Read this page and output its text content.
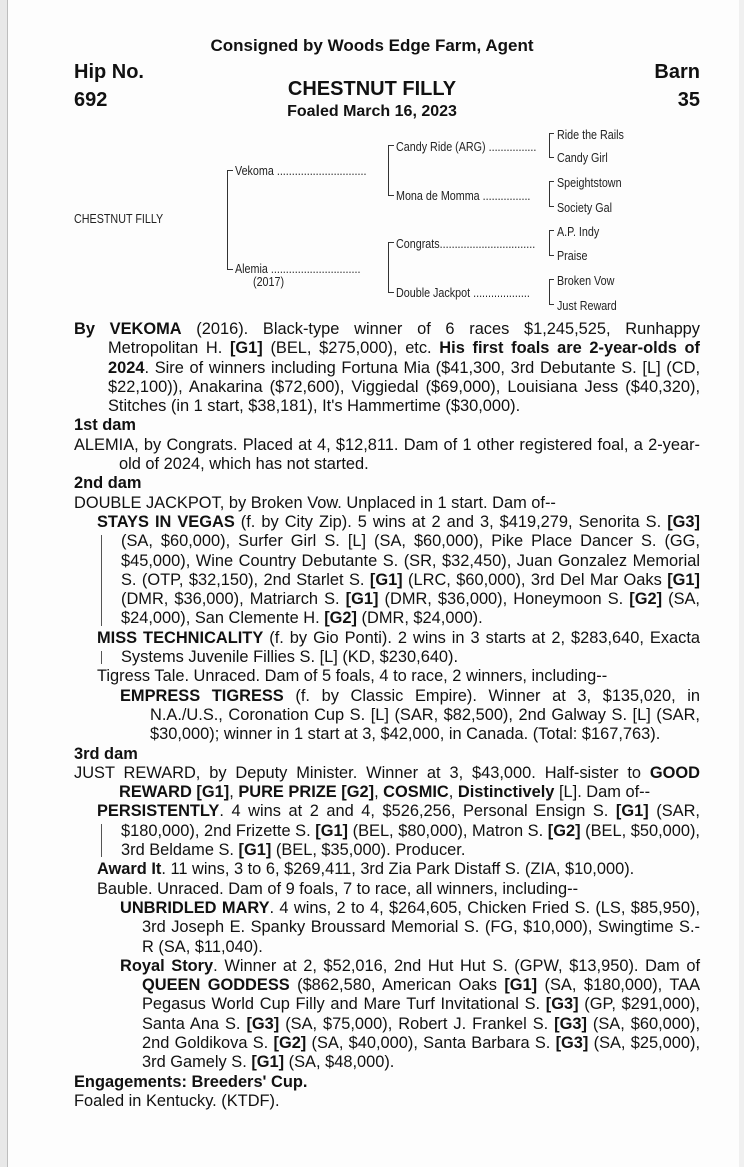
Consigned by Woods Edge Farm, Agent
Hip No.
692
Barn
35
CHESTNUT FILLY
Foaled March 16, 2023
CHESTNUT FILLY
Vekoma ..............................
Alemia ..............................
(2017)
Candy Ride (ARG) ................
Mona de Momma ................
Congrats................................
Double Jackpot ...................
Ride the Rails
Candy Girl
Speightstown
Society Gal
A.P. Indy
Praise
Broken Vow
Just Reward

By VEKOMA (2016). Black-type winner of 6 races $1,245,525, Runhappy Metropolitan H. [G1] (BEL, $275,000), etc. His first foals are 2-year-olds of 2024. Sire of winners including Fortuna Mia ($41,300, 3rd Debutante S. [L] (CD, $22,100)), Anakarina ($72,600), Viggiedal ($69,000), Louisiana Jess ($40,320), Stitches (in 1 start, $38,181), It's Hammertime ($30,000).

1st dam

ALEMIA, by Congrats. Placed at 4, $12,811. Dam of 1 other registered foal, a 2-year-old of 2024, which has not started.

2nd dam

DOUBLE JACKPOT, by Broken Vow. Unplaced in 1 start. Dam of--

STAYS IN VEGAS (f. by City Zip). 5 wins at 2 and 3, $419,279, Senorita S. [G3] (SA, $60,000), Surfer Girl S. [L] (SA, $60,000), Pike Place Dancer S. (GG, $45,000), Wine Country Debutante S. (SR, $32,450), Juan Gonzalez Memorial S. (OTP, $32,150), 2nd Starlet S. [G1] (LRC, $60,000), 3rd Del Mar Oaks [G1] (DMR, $36,000), Matriarch S. [G1] (DMR, $36,000), Honeymoon S. [G2] (SA, $24,000), San Clemente H. [G2] (DMR, $24,000).

MISS TECHNICALITY (f. by Gio Ponti). 2 wins in 3 starts at 2, $283,640, Exacta Systems Juvenile Fillies S. [L] (KD, $230,640).

Tigress Tale. Unraced. Dam of 5 foals, 4 to race, 2 winners, including--

EMPRESS TIGRESS (f. by Classic Empire). Winner at 3, $135,020, in N.A./U.S., Coronation Cup S. [L] (SAR, $82,500), 2nd Galway S. [L] (SAR, $30,000); winner in 1 start at 3, $42,000, in Canada. (Total: $167,763).

3rd dam

JUST REWARD, by Deputy Minister. Winner at 3, $43,000. Half-sister to GOOD REWARD [G1], PURE PRIZE [G2], COSMIC, Distinctively [L]. Dam of--

PERSISTENTLY. 4 wins at 2 and 4, $526,256, Personal Ensign S. [G1] (SAR, $180,000), 2nd Frizette S. [G1] (BEL, $80,000), Matron S. [G2] (BEL, $50,000), 3rd Beldame S. [G1] (BEL, $35,000). Producer.

Award It. 11 wins, 3 to 6, $269,411, 3rd Zia Park Distaff S. (ZIA, $10,000).

Bauble. Unraced. Dam of 9 foals, 7 to race, all winners, including--

UNBRIDLED MARY. 4 wins, 2 to 4, $264,605, Chicken Fried S. (LS, $85,950), 3rd Joseph E. Spanky Broussard Memorial S. (FG, $10,000), Swingtime S.-R (SA, $11,040).

Royal Story. Winner at 2, $52,016, 2nd Hut Hut S. (GPW, $13,950). Dam of QUEEN GODDESS ($862,580, American Oaks [G1] (SA, $180,000), TAA Pegasus World Cup Filly and Mare Turf Invitational S. [G3] (GP, $291,000), Santa Ana S. [G3] (SA, $75,000), Robert J. Frankel S. [G3] (SA, $60,000), 2nd Goldikova S. [G2] (SA, $40,000), Santa Barbara S. [G3] (SA, $25,000), 3rd Gamely S. [G1] (SA, $48,000).

Engagements: Breeders' Cup.
Foaled in Kentucky. (KTDF).
